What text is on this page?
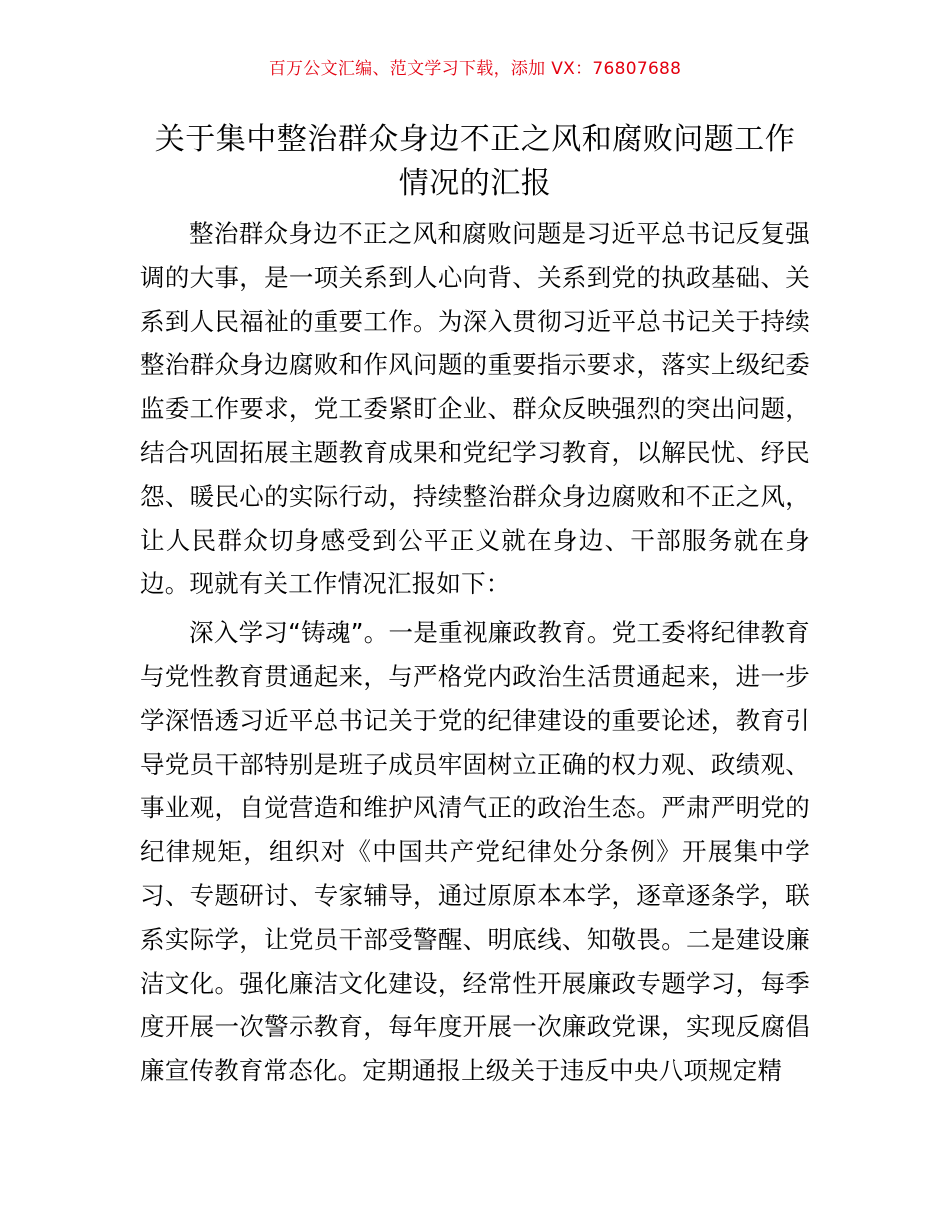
百万公文汇编、范文学习下载，添加 VX：76807688
关于集中整治群众身边不正之风和腐败问题工作情况的汇报

整治群众身边不正之风和腐败问题是习近平总书记反复强调的大事，是一项关系到人心向背、关系到党的执政基础、关系到人民福祉的重要工作。为深入贯彻习近平总书记关于持续整治群众身边腐败和作风问题的重要指示要求，落实上级纪委监委工作要求，党工委紧盯企业、群众反映强烈的突出问题，结合巩固拓展主题教育成果和党纪学习教育，以解民忧、纾民怨、暖民心的实际行动，持续整治群众身边腐败和不正之风，让人民群众切身感受到公平正义就在身边、干部服务就在身边。现就有关工作情况汇报如下：

深入学习“铸魂”。一是重视廉政教育。党工委将纪律教育与党性教育贯通起来，与严格党内政治生活贯通起来，进一步学深悟透习近平总书记关于党的纪律建设的重要论述，教育引导党员干部特别是班子成员牢固树立正确的权力观、政绩观、事业观，自觉营造和维护风清气正的政治生态。严肃严明党的纪律规矩，组织对《中国共产党纪律处分条例》开展集中学习、专题研讨、专家辅导，通过原原本本学，逐章逐条学，联系实际学，让党员干部受警醒、明底线、知敬畏。二是建设廉洁文化。强化廉洁文化建设，经常性开展廉政专题学习，每季度开展一次警示教育，每年度开展一次廉政党课，实现反腐倡廉宣传教育常态化。定期通报上级关于违反中央八项规定精
